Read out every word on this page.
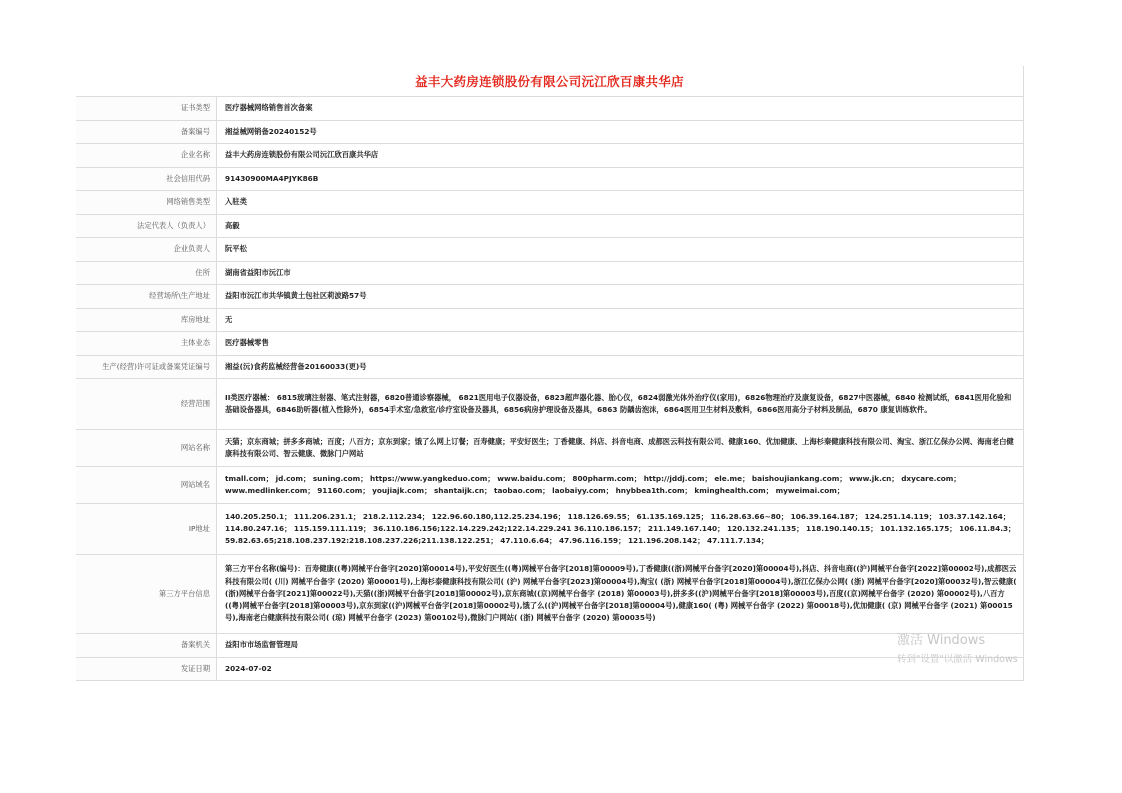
益丰大药房连锁股份有限公司沅江欣百康共华店
证书类型	医疗器械网络销售首次备案
备案编号	湘益械网销备20240152号
企业名称	益丰大药房连锁股份有限公司沅江欣百康共华店
社会信用代码	91430900MA4PJYK86B
网络销售类型	入驻类
法定代表人（负责人）	高毅
企业负责人	阮平松
住所	湖南省益阳市沅江市
经营场所\生产地址	益阳市沅江市共华镇黄土包社区莉波路57号
库房地址	无
主体业态	医疗器械零售
生产(经营)许可证或备案凭证编号	湘益(沅)食药监械经营备20160033(更)号
经营范围	II类医疗器械： 6815玻璃注射器、笔式注射器，6820普通诊察器械， 6821医用电子仪器设备，6823超声器化器、胎心仪，6824弱激光体外治疗仪(家用)，6826物理治疗及康复设备，6827中医器械，6840 检测试纸，6841医用化验和基础设备器具，6846助听器(植入性除外)，6854手术室/急救室/诊疗室设备及器具，6856病房护理设备及器具，6863 防龋齿泡沫，6864医用卫生材料及敷料，6866医用高分子材料及制品，6870 康复训练软件。
网站名称	天猫；京东商城；拼多多商城；百度；八百方；京东到家；饿了么网上订餐；百寿健康；平安好医生；丁香健康、抖店、抖音电商、成都医云科技有限公司、健康160、优加健康、上海杉秦健康科技有限公司、淘宝、浙江亿保办公网、海南老白健康科技有限公司、智云健康、微脉门户网站
网站域名	tmall.com； jd.com； suning.com； https://www.yangkeduo.com； www.baidu.com； 800pharm.com； http://jddj.com； ele.me； baishoujiankang.com； www.jk.cn； dxycare.com； www.medlinker.com； 91160.com； youjiajk.com； shantaijk.cn； taobao.com； laobaiyy.com； hnybbea1th.com； kminghealth.com； myweimai.com；
IP地址	140.205.250.1； 111.206.231.1； 218.2.112.234； 122.96.60.180,112.25.234.196； 118.126.69.55； 61.135.169.125； 116.28.63.66~80； 106.39.164.187； 124.251.14.119； 103.37.142.164； 114.80.247.16； 115.159.111.119； 36.110.186.156;122.14.229.242;122.14.229.241 36.110.186.157； 211.149.167.140； 120.132.241.135； 118.190.140.15； 101.132.165.175； 106.11.84.3； 59.82.63.65;218.108.237.192:218.108.237.226;211.138.122.251； 47.110.6.64； 47.96.116.159； 121.196.208.142； 47.111.7.134；
第三方平台信息	第三方平台名称(编号)：百寿健康((粤)网械平台备字[2020]第00014号),平安好医生((粤)网械平台备字[2018]第00009号),丁香健康((浙)网械平台备字[2020]第00004号),抖店、抖音电商((沪)网械平台备字[2022]第00002号),成都医云科技有限公司( (川) 网械平台备字 (2020) 第00001号),上海杉泰健康科技有限公司( (沪) 网械平台备字[2023]第00004号),淘宝( (浙) 网械平台备字[2018]第00004号),浙江亿保办公网( (浙) 网械平台备字[2020]第00032号),智云健康( (浙)网械平台备字[2021]第00022号),天猫((浙)网械平台备字[2018]第00002号),京东商城((京)网械平台备字 (2018) 第00003号),拼多多((沪)网械平台备字[2018]第00003号),百度((京)网械平台备字 (2020) 第00002号),八百方((粤)网械平台备字[2018]第00003号),京东到家((沪)网械平台备字[2018]第00002号),饿了么((沪)网械平台备字[2018]第00004号),健康160( (粤) 网械平台备字 (2022) 第00018号),优加健康( (京) 网械平台备字 (2021) 第00015号),海南老白健康科技有限公司( (琼) 网械平台备字 (2023) 第00102号),微脉门户网站( (浙) 网械平台备字 (2020) 第00035号)
备案机关	益阳市市场监督管理局
发证日期	2024-07-02
激活 Windows
转到"设置"以激活 Windows
